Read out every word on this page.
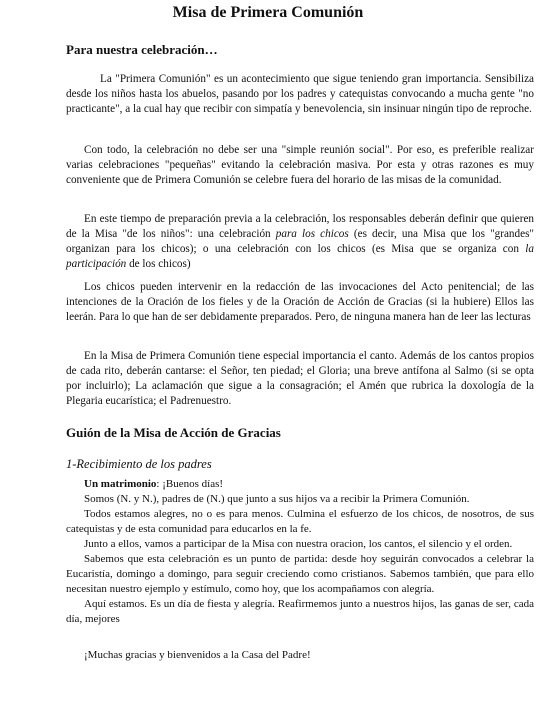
Misa de Primera Comunión
Para nuestra celebración…

La "Primera Comunión" es un acontecimiento que sigue teniendo gran importancia. Sensibiliza desde los niños hasta los abuelos, pasando por los padres y catequistas convocando a mucha gente "no practicante", a la cual hay que recibir con simpatía y benevolencia, sin insinuar ningún tipo de reproche.

Con todo, la celebración no debe ser una "simple reunión social". Por eso, es preferible realizar varias celebraciones "pequeñas" evitando la celebración masiva. Por esta y otras razones es muy conveniente que de Primera Comunión se celebre fuera del horario de las misas de la comunidad.

En este tiempo de preparación previa a la celebración, los responsables deberán definir que quieren de la Misa "de los niños": una celebración para los chicos (es decir, una Misa que los "grandes" organizan para los chicos); o una celebración con los chicos (es Misa que se organiza con la participación de los chicos)

Los chicos pueden intervenir en la redacción de las invocaciones del Acto penitencial; de las intenciones de la Oración de los fieles y de la Oración de Acción de Gracias (si la hubiere) Ellos las leerán. Para lo que han de ser debidamente preparados. Pero, de ninguna manera han de leer las lecturas

En la Misa de Primera Comunión tiene especial importancia el canto. Además de los cantos propios de cada rito, deberán cantarse: el Señor, ten piedad; el Gloria; una breve antífona al Salmo (si se opta por incluirlo); La aclamación que sigue a la consagración; el Amén que rubrica la doxología de la Plegaria eucarística; el Padrenuestro.

Guión de la Misa de Acción de Gracias
1-Recibimiento de los padres

Un matrimonio: ¡Buenos días!

Somos (N. y N.), padres de (N.) que junto a sus hijos va a recibir la Primera Comunión.

Todos estamos alegres, no o es para menos. Culmina el esfuerzo de los chicos, de nosotros, de sus catequistas y de esta comunidad para educarlos en la fe.

Junto a ellos, vamos a participar de la Misa con nuestra oracion, los cantos, el silencio y el orden.

Sabemos que esta celebración es un punto de partida: desde hoy seguirán convocados a celebrar la Eucaristía, domingo a domingo, para seguir creciendo como cristianos. Sabemos también, que para ello necesitan nuestro ejemplo y estímulo, como hoy, que los acompañamos con alegría.

Aquí estamos. Es un día de fiesta y alegría. Reafirmemos junto a nuestros hijos, las ganas de ser, cada día, mejores

¡Muchas gracias y bienvenidos a la Casa del Padre!
